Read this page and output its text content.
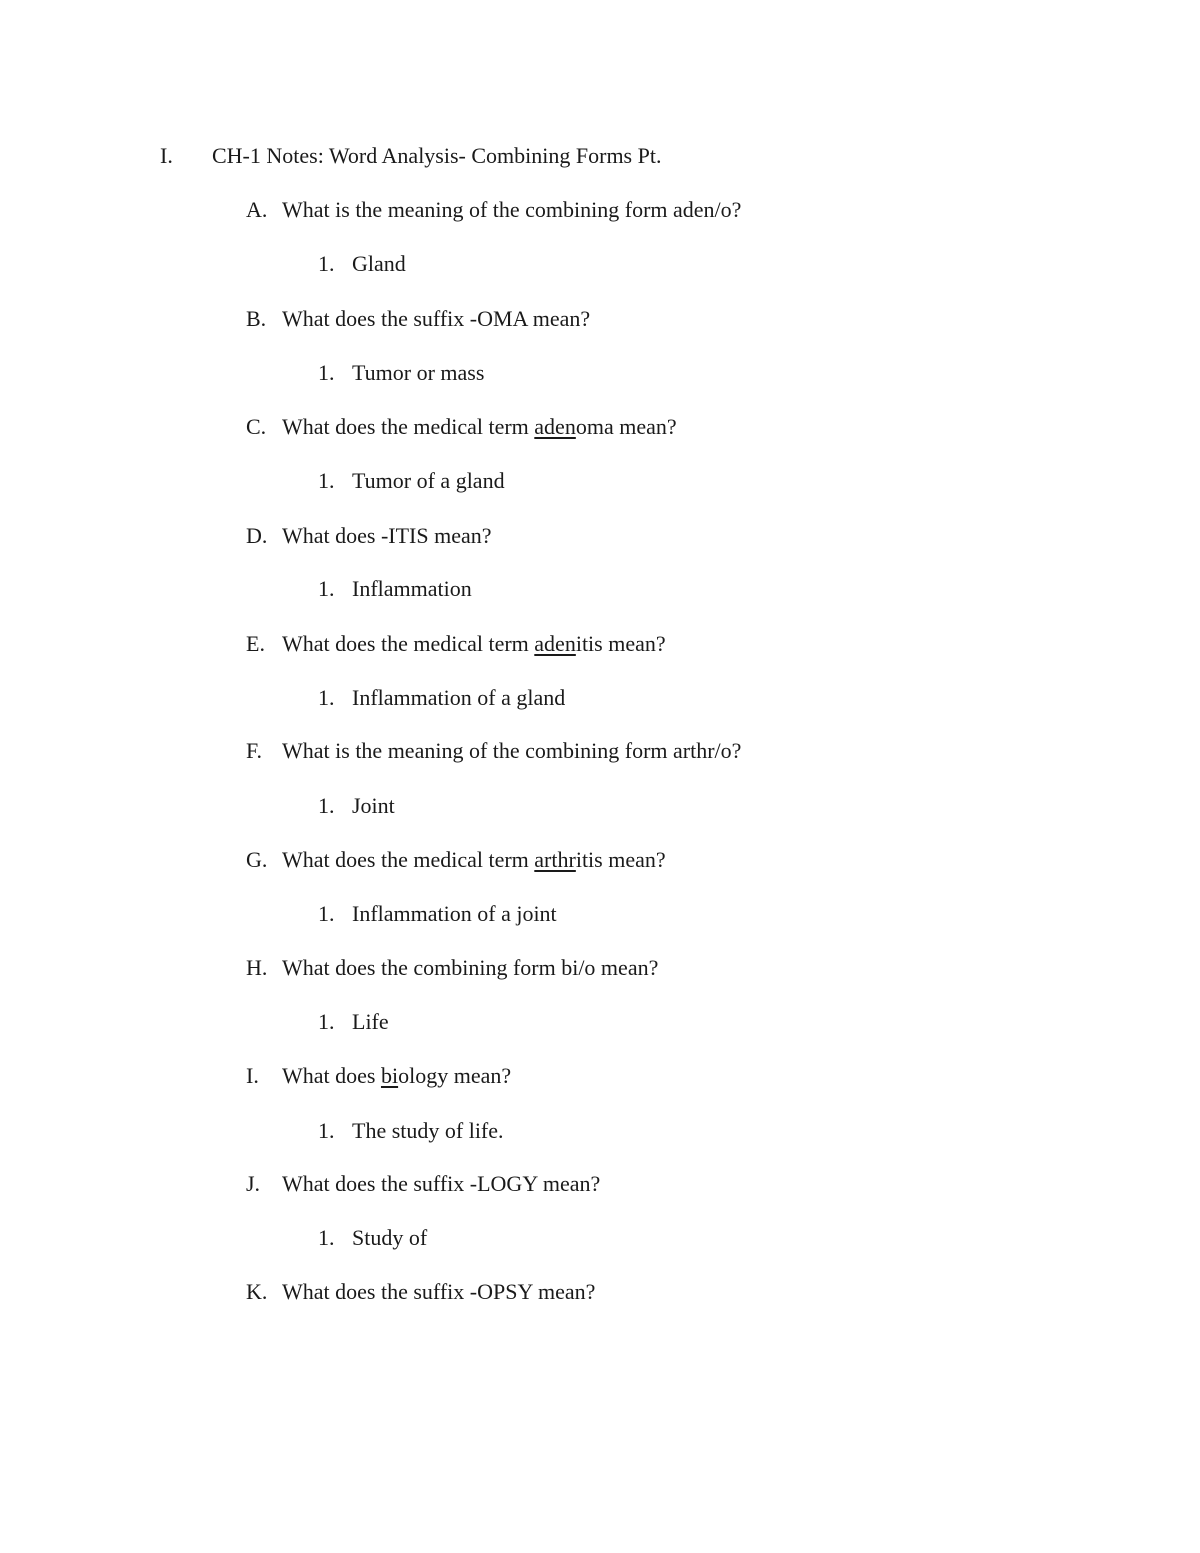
I. CH-1 Notes: Word Analysis- Combining Forms Pt.
A. What is the meaning of the combining form aden/o?
1. Gland
B. What does the suffix -OMA mean?
1. Tumor or mass
C. What does the medical term adenoma mean?
1. Tumor of a gland
D. What does -ITIS mean?
1. Inflammation
E. What does the medical term adenitis mean?
1. Inflammation of a gland
F. What is the meaning of the combining form arthr/o?
1. Joint
G. What does the medical term arthritis mean?
1. Inflammation of a joint
H. What does the combining form bi/o mean?
1. Life
I. What does biology mean?
1. The study of life.
J. What does the suffix -LOGY mean?
1. Study of
K. What does the suffix -OPSY mean?
